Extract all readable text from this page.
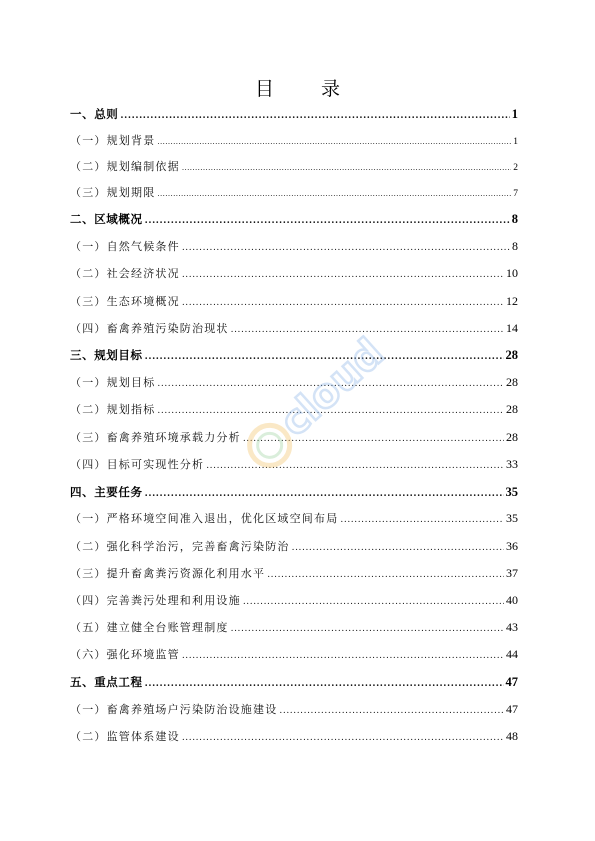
目　录
一、总则 .....	1
（一）规划背景 .....	1
（二）规划编制依据 .....	2
（三）规划期限 .....	7
二、区域概况 .....	8
（一）自然气候条件 .....	8
（二）社会经济状况 .....	10
（三）生态环境概况 .....	12
（四）畜禽养殖污染防治现状 .....	14
三、规划目标 .....	28
（一）规划目标 .....	28
（二）规划指标 .....	28
（三）畜禽养殖环境承载力分析 .....	28
（四）目标可实现性分析 .....	33
四、主要任务 .....	35
（一）严格环境空间准入退出，优化区域空间布局 .....	35
（二）强化科学治污，完善畜禽污染防治 .....	36
（三）提升畜禽粪污资源化利用水平 .....	37
（四）完善粪污处理和利用设施 .....	40
（五）建立健全台账管理制度 .....	43
（六）强化环境监管 .....	44
五、重点工程 .....	47
（一）畜禽养殖场户污染防治设施建设 .....	47
（二）监管体系建设 .....	48
cloud
